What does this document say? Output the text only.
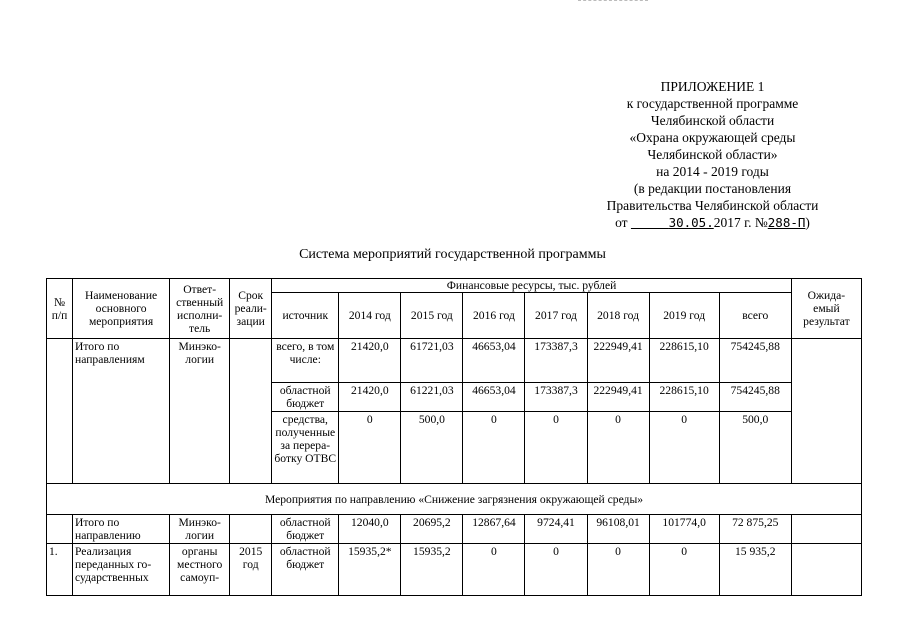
ПРИЛОЖЕНИЕ 1
к государственной программе
Челябинской области
«Охрана окружающей среды
Челябинской области»
на 2014 - 2019 годы
(в редакции постановления
Правительства Челябинской области
от	30.05.2017 г. №288-П)
Система мероприятий государственной программы
№ п/п	Наименование основного мероприятия	Ответ- ственный исполни- тель	Срок реали- зации	Финансовые ресурсы, тыс. рублей								Ожида- емый результат
				источник	2014 год	2015 год	2016 год	2017 год	2018 год	2019 год	всего	
	Итого по направлениям	Минэко- логии		всего, в том числе:	21420,0	61721,03	46653,04	173387,3	222949,41	228615,10	754245,88	
				областной бюджет	21420,0	61221,03	46653,04	173387,3	222949,41	228615,10	754245,88	
				средства, полученные за перера- ботку ОТВС	0	500,0	0	0	0	0	500,0	
Мероприятия по направлению «Снижение загрязнения окружающей среды»												
	Итого по направлению	Минэко- логии		областной бюджет	12040,0	20695,2	12867,64	9724,41	96108,01	101774,0	72 875,25	
1.	Реализация переданных го- сударственных	органы местного самоуп-	2015 год	областной бюджет	15935,2*	15935,2	0	0	0	0	15 935,2	
